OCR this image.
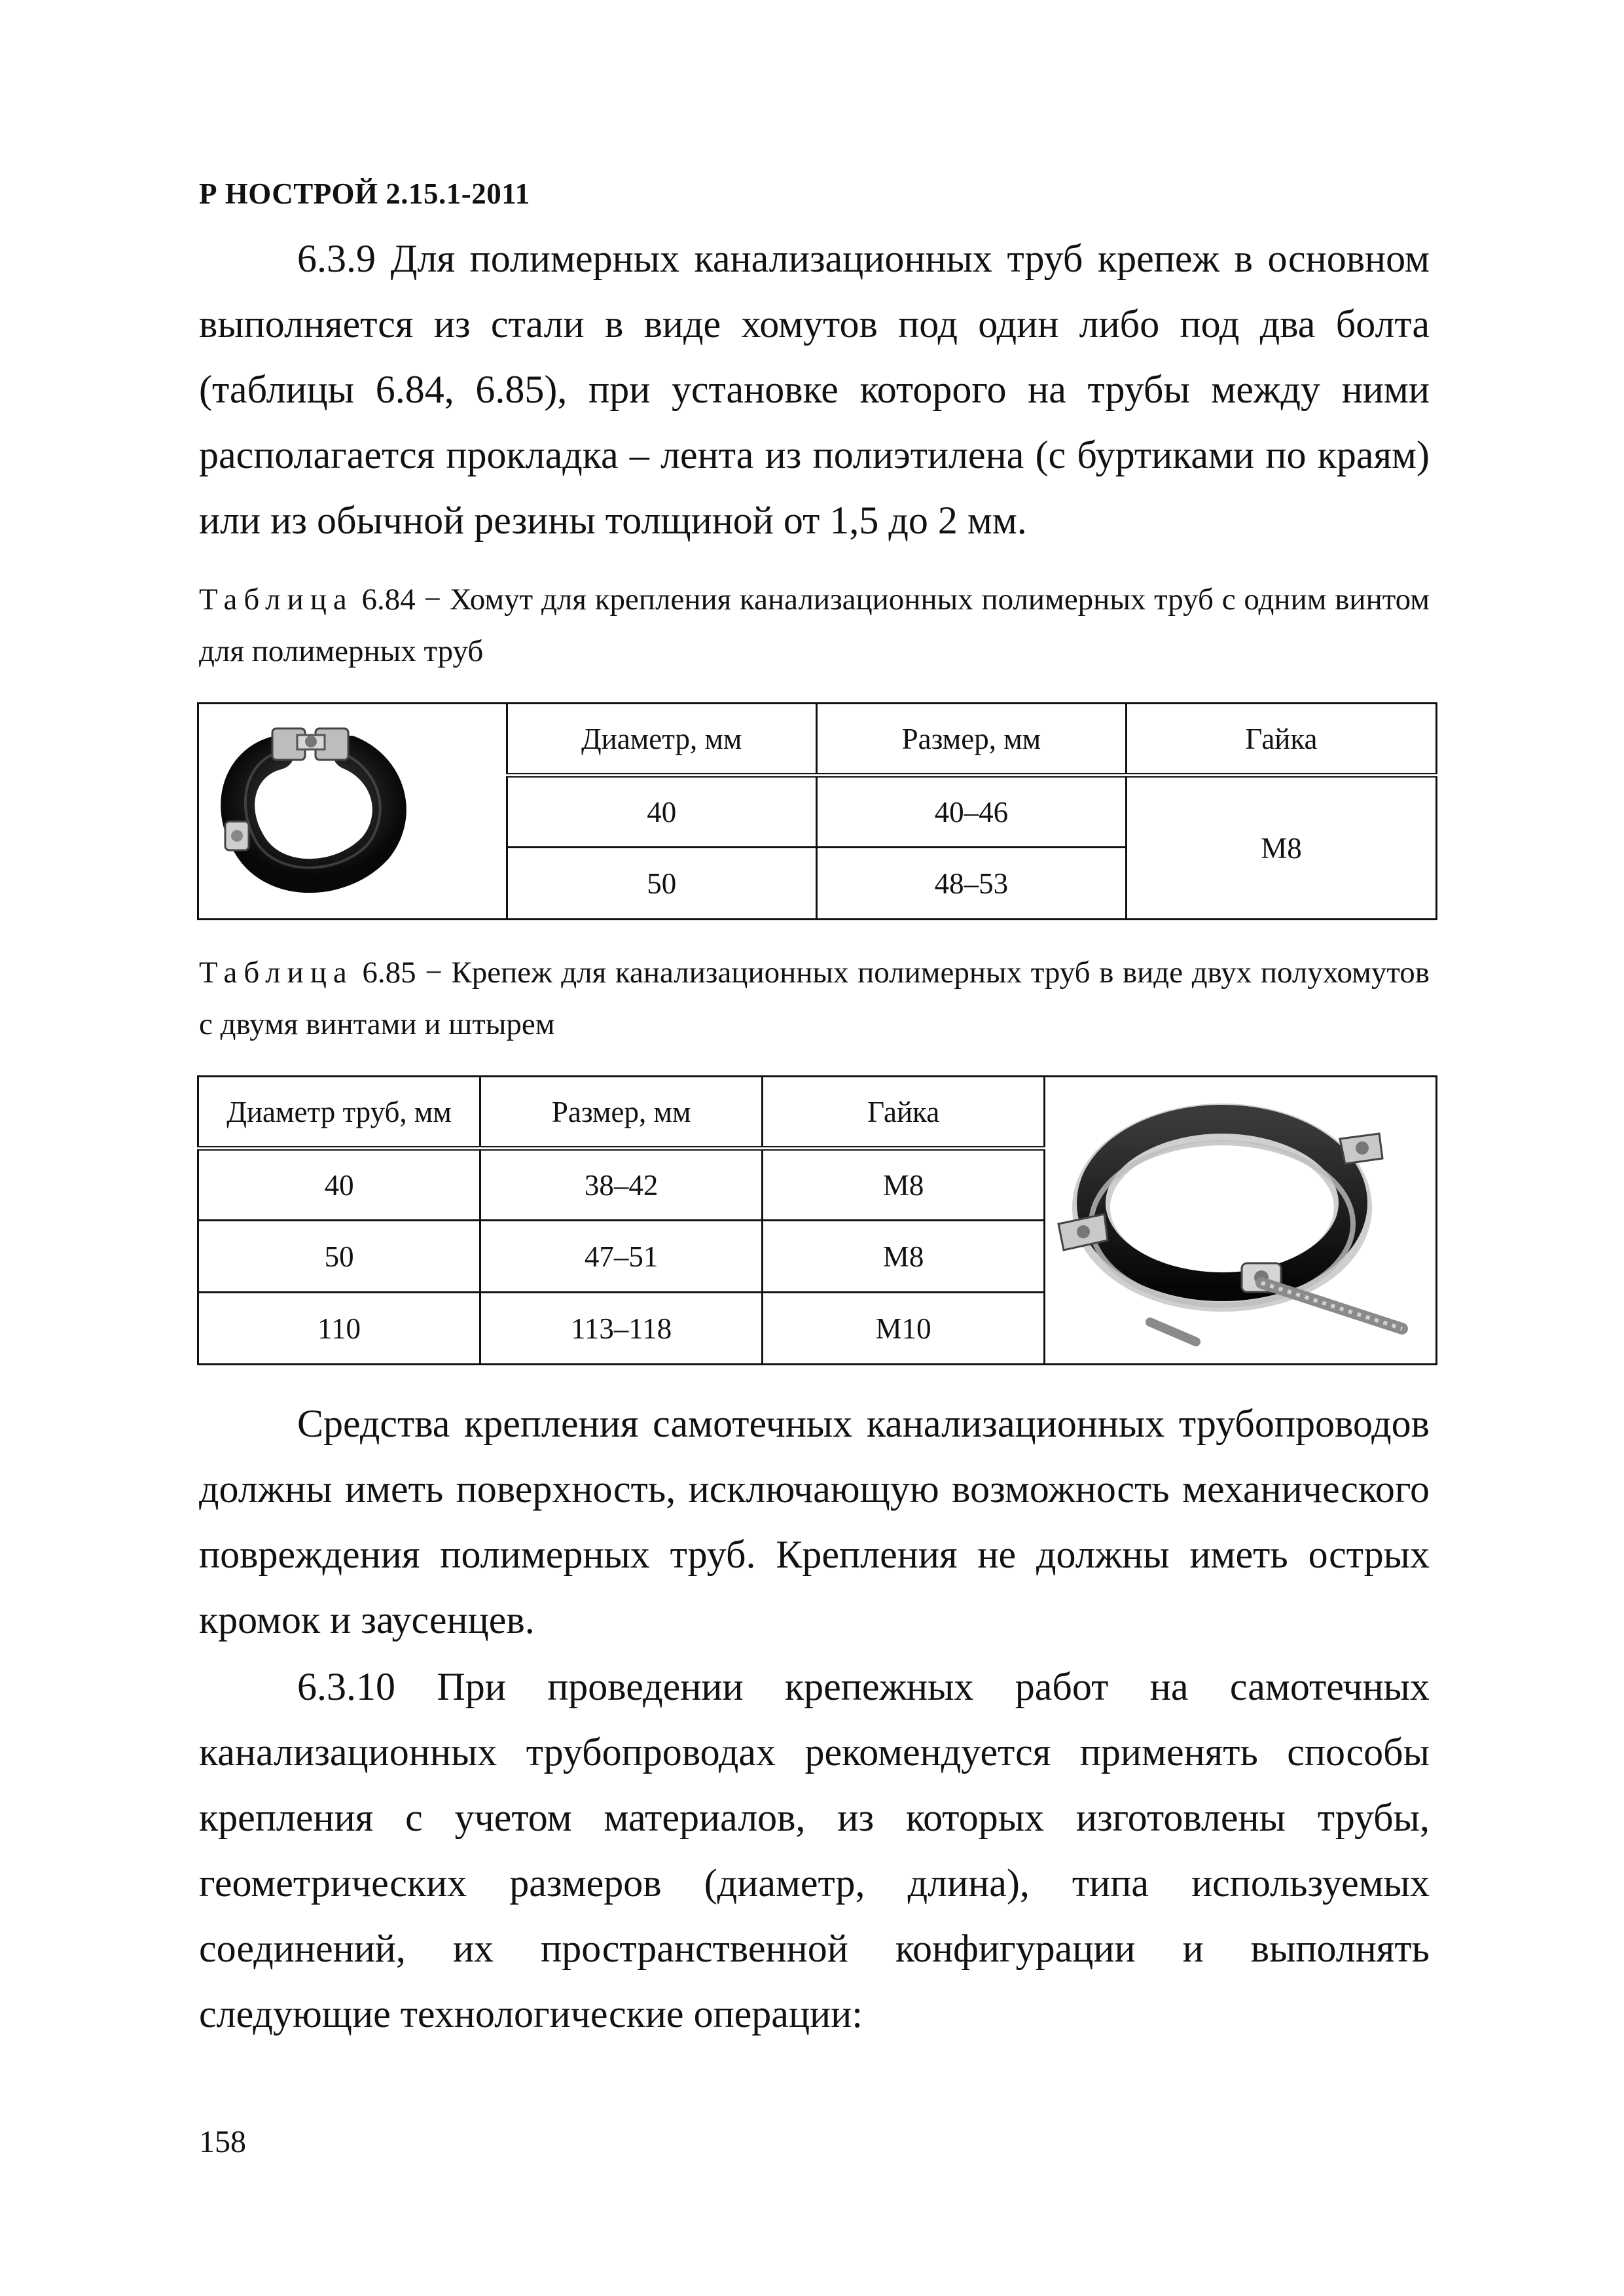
Р НОСТРОЙ 2.15.1-2011

6.3.9 Для полимерных канализационных труб крепеж в основном выполняется из стали в виде хомутов под один либо под два болта (таблицы 6.84, 6.85), при установке которого на трубы между ними располагается прокладка – лента из полиэтилена (с буртиками по краям) или из обычной резины толщиной от 1,5 до 2 мм.

Таблица 6.84 − Хомут для крепления канализационных полимерных труб с одним винтом для полимерных труб

	Диаметр, мм	Размер, мм	Гайка
	40	40–46	М8
	50	48–53	

Таблица 6.85 − Крепеж для канализационных полимерных труб в виде двух полухомутов с двумя винтами и штырем

Диаметр труб, мм	Размер, мм	Гайка	

40	38–42	М8	
50	47–51	М8	
110	113–118	М10	

Средства крепления самотечных канализационных трубопроводов должны иметь поверхность, исключающую возможность механического повреждения полимерных труб. Крепления не должны иметь острых кромок и заусенцев.

6.3.10 При проведении крепежных работ на самотечных канализационных трубопроводах рекомендуется применять способы крепления с учетом материалов, из которых изготовлены трубы, геометрических размеров (диаметр, длина), типа используемых соединений, их пространственной конфигурации и выполнять следующие технологические операции:

158
